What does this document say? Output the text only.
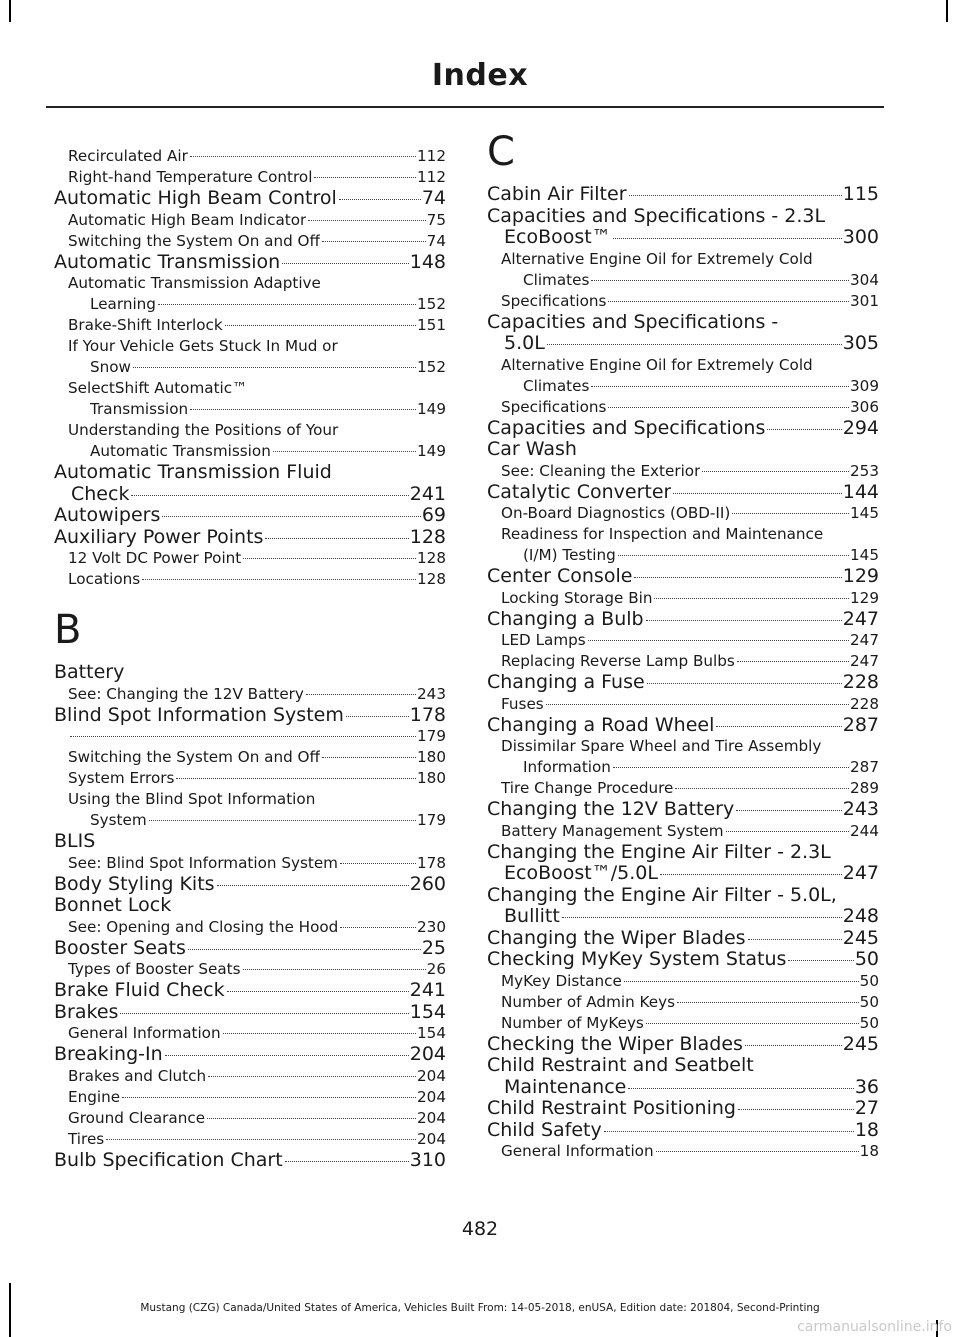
Index
Recirculated Air	112
Right-hand Temperature Control	112
Automatic High Beam Control	74
Automatic High Beam Indicator	75
Switching the System On and Off	74
Automatic Transmission	148
Automatic Transmission Adaptive
Learning	152
Brake-Shift Interlock	151
If Your Vehicle Gets Stuck In Mud or
Snow	152
SelectShift Automatic™
Transmission	149
Understanding the Positions of Your
Automatic Transmission	149
Automatic Transmission Fluid
Check	241
Autowipers	69
Auxiliary Power Points	128
12 Volt DC Power Point	128
Locations	128
B
Battery
See: Changing the 12V Battery	243
Blind Spot Information System	178
179
Switching the System On and Off	180
System Errors	180
Using the Blind Spot Information
System	179
BLIS
See: Blind Spot Information System	178
Body Styling Kits	260
Bonnet Lock
See: Opening and Closing the Hood	230
Booster Seats	25
Types of Booster Seats	26
Brake Fluid Check	241
Brakes	154
General Information	154
Breaking-In	204
Brakes and Clutch	204
Engine	204
Ground Clearance	204
Tires	204
Bulb Specification Chart	310
C
Cabin Air Filter	115
Capacities and Specifications - 2.3L
EcoBoost™	300
Alternative Engine Oil for Extremely Cold
Climates	304
Specifications	301
Capacities and Specifications -
5.0L	305
Alternative Engine Oil for Extremely Cold
Climates	309
Specifications	306
Capacities and Specifications	294
Car Wash
See: Cleaning the Exterior	253
Catalytic Converter	144
On-Board Diagnostics (OBD-II)	145
Readiness for Inspection and Maintenance
(I/M) Testing	145
Center Console	129
Locking Storage Bin	129
Changing a Bulb	247
LED Lamps	247
Replacing Reverse Lamp Bulbs	247
Changing a Fuse	228
Fuses	228
Changing a Road Wheel	287
Dissimilar Spare Wheel and Tire Assembly
Information	287
Tire Change Procedure	289
Changing the 12V Battery	243
Battery Management System	244
Changing the Engine Air Filter - 2.3L
EcoBoost™/5.0L	247
Changing the Engine Air Filter - 5.0L,
Bullitt	248
Changing the Wiper Blades	245
Checking MyKey System Status	50
MyKey Distance	50
Number of Admin Keys	50
Number of MyKeys	50
Checking the Wiper Blades	245
Child Restraint and Seatbelt
Maintenance	36
Child Restraint Positioning	27
Child Safety	18
General Information	18
482
Mustang (CZG) Canada/United States of America, Vehicles Built From: 14-05-2018, enUSA, Edition date: 201804, Second-Printing
carmanualsonline.info
